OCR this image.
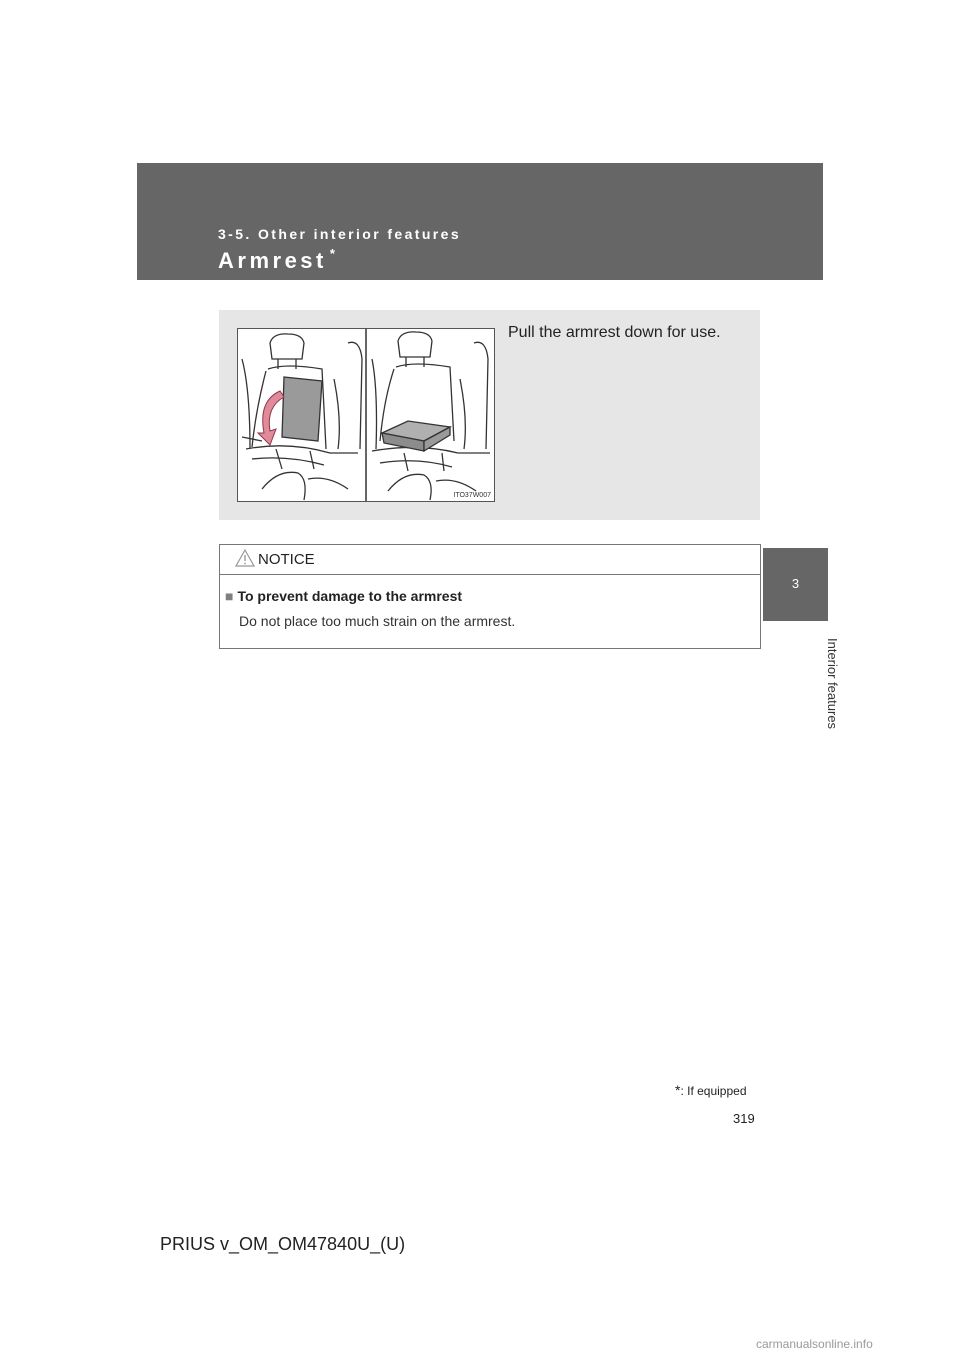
3-5. Other interior features
Armrest *
3
Interior features
ITO37W007
Pull the armrest down for use.
NOTICE
■ To prevent damage to the armrest
Do not place too much strain on the armrest.
*: If equipped
319
PRIUS v_OM_OM47840U_(U)
carmanualsonline.info
